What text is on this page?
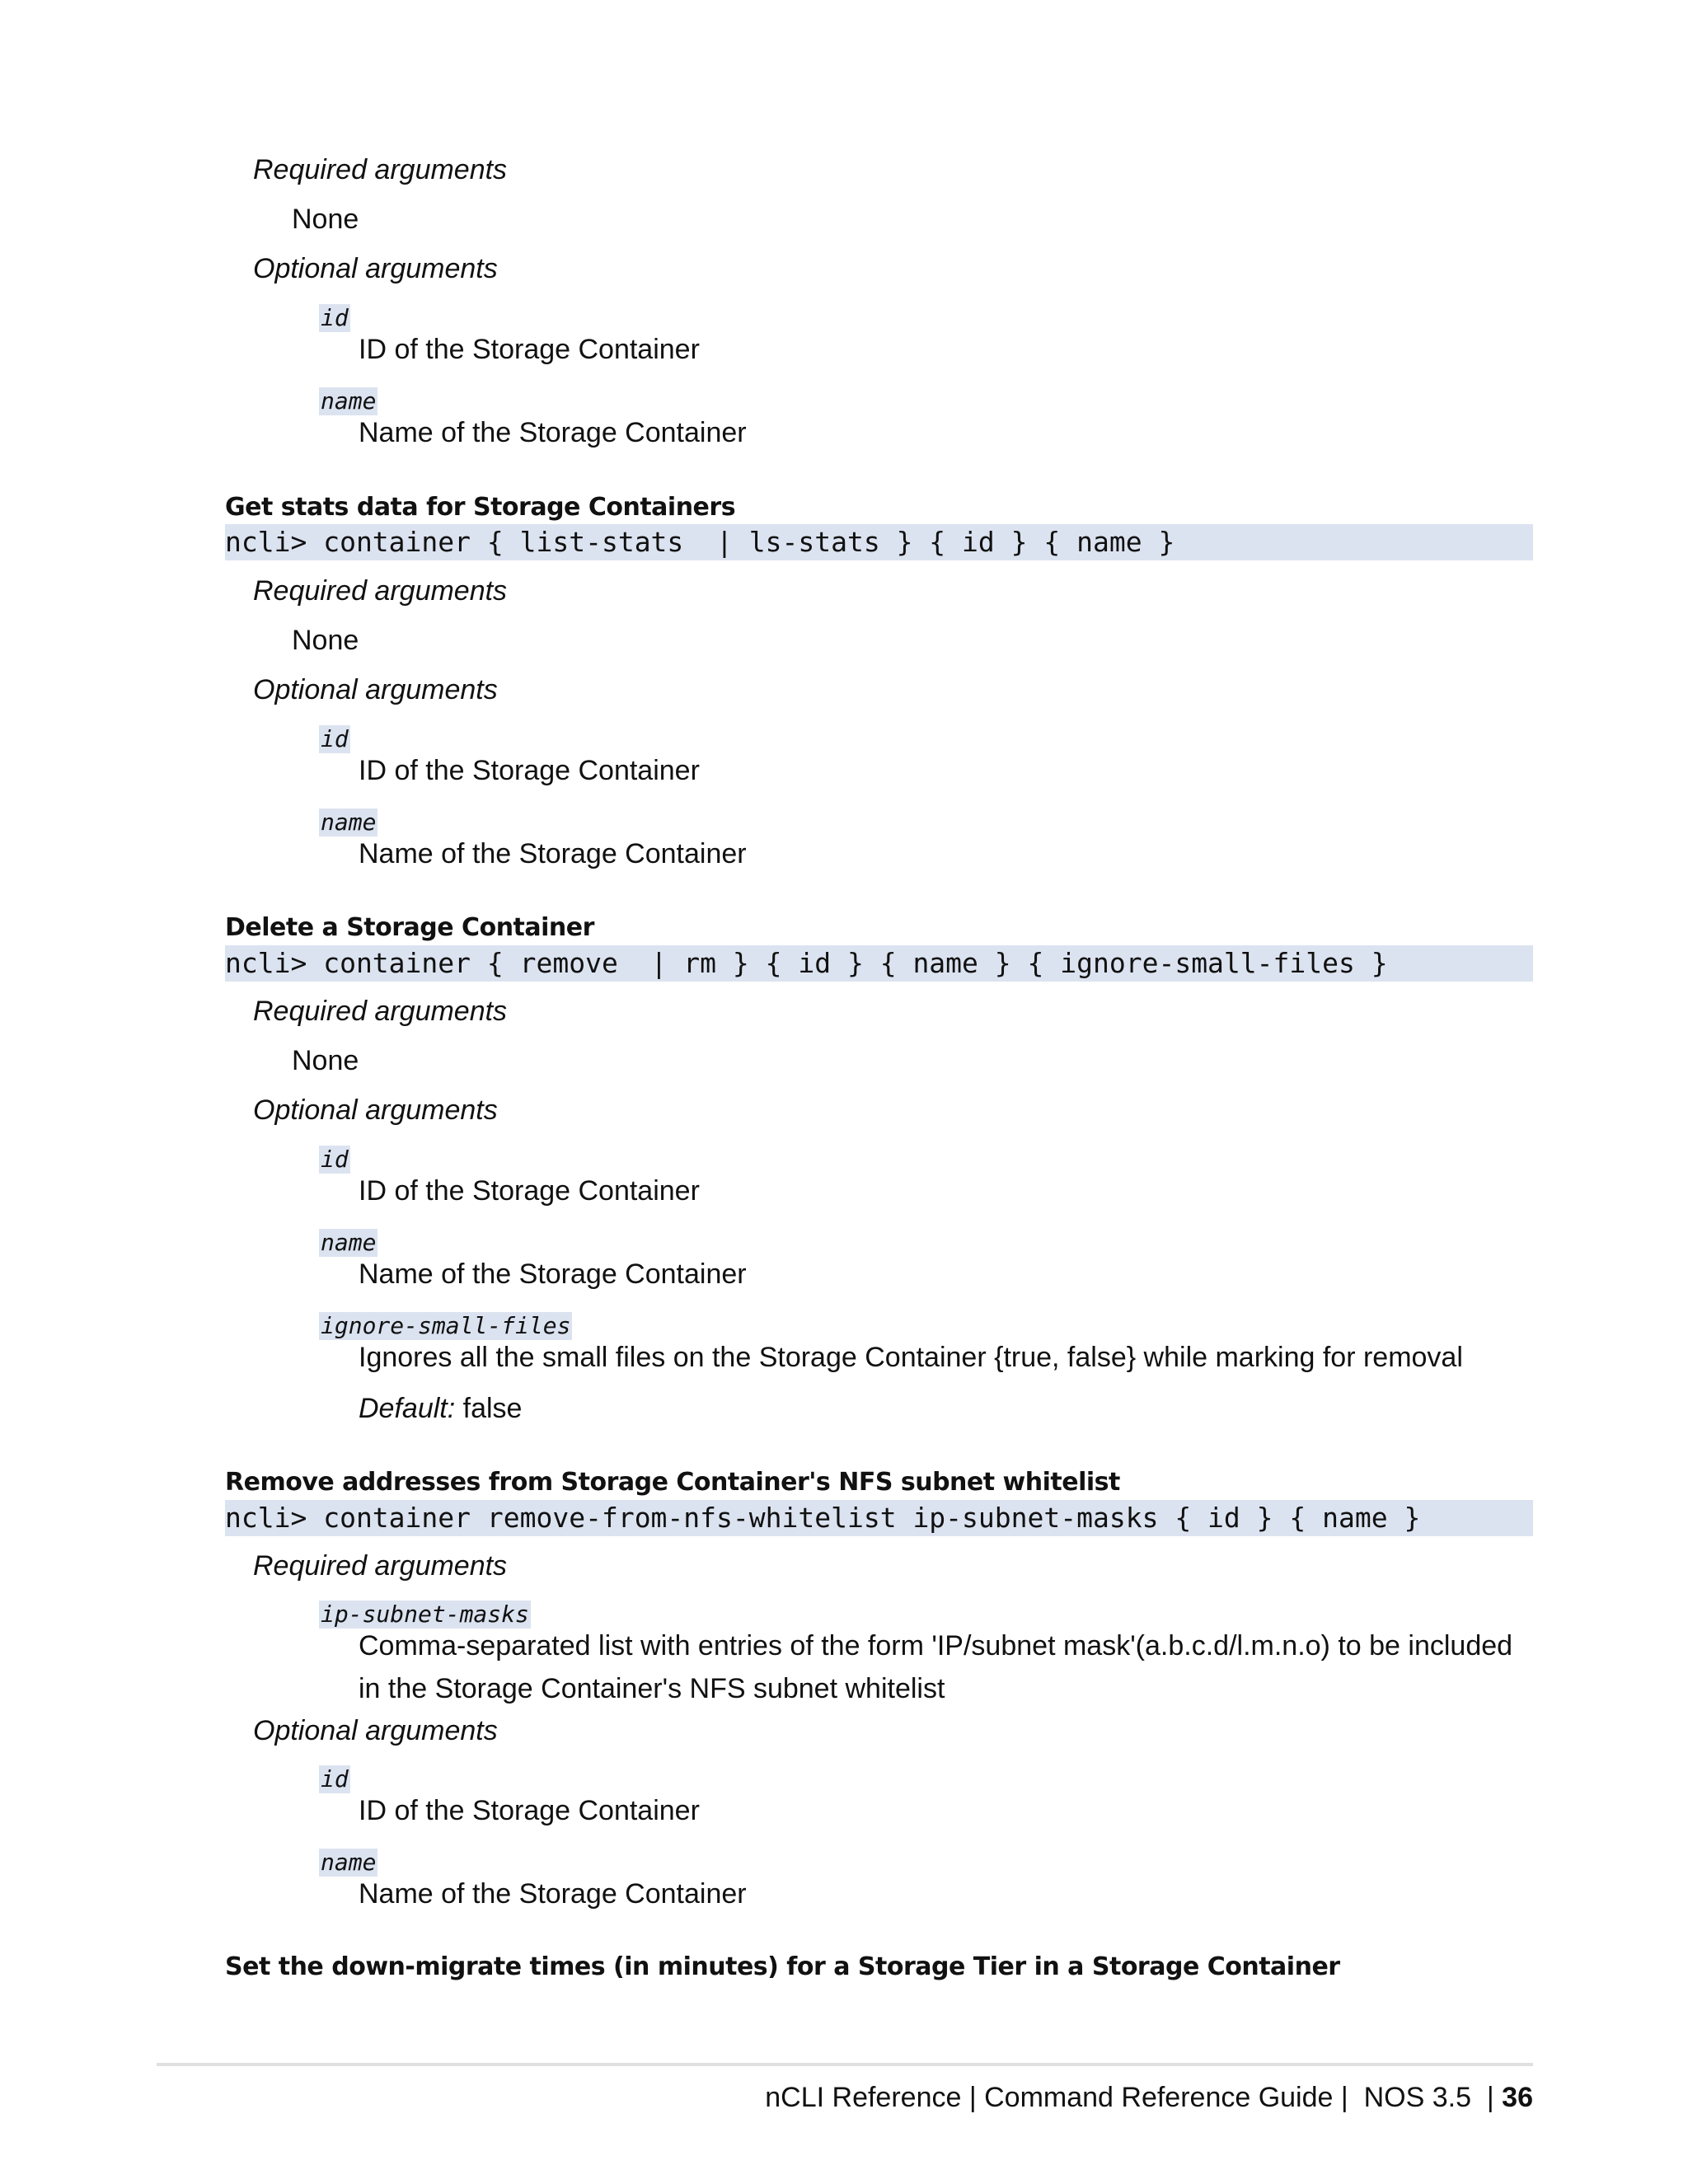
Required arguments
None
Optional arguments
id
ID of the Storage Container
name
Name of the Storage Container
Get stats data for Storage Containers
ncli> container { list-stats  | ls-stats } { id } { name }
Required arguments
None
Optional arguments
id
ID of the Storage Container
name
Name of the Storage Container
Delete a Storage Container
ncli> container { remove  | rm } { id } { name } { ignore-small-files }
Required arguments
None
Optional arguments
id
ID of the Storage Container
name
Name of the Storage Container
ignore-small-files
Ignores all the small files on the Storage Container {true, false} while marking for removal
Default: false
Remove addresses from Storage Container's NFS subnet whitelist
ncli> container remove-from-nfs-whitelist ip-subnet-masks { id } { name }
Required arguments
ip-subnet-masks
Comma-separated list with entries of the form 'IP/subnet mask'(a.b.c.d/l.m.n.o) to be included in the Storage Container's NFS subnet whitelist
Optional arguments
id
ID of the Storage Container
name
Name of the Storage Container
Set the down-migrate times (in minutes) for a Storage Tier in a Storage Container
nCLI Reference | Command Reference Guide |  NOS 3.5  | 36
